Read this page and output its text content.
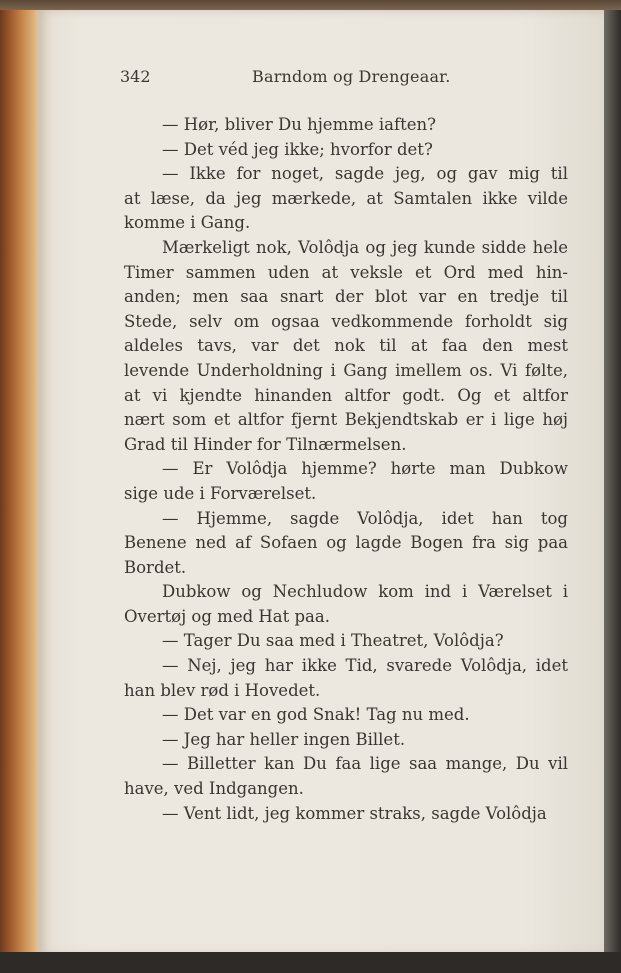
342	Barndom og Drengeaar.
— Hør, bliver Du hjemme iaften?
— Det véd jeg ikke; hvorfor det?
— Ikke for noget, sagde jeg, og gav mig til
at læse, da jeg mærkede, at Samtalen ikke vilde
komme i Gang.
Mærkeligt nok, Volôdja og jeg kunde sidde hele
Timer sammen uden at veksle et Ord med hin-
anden; men saa snart der blot var en tredje til
Stede, selv om ogsaa vedkommende forholdt sig
aldeles tavs, var det nok til at faa den mest
levende Underholdning i Gang imellem os. Vi følte,
at vi kjendte hinanden altfor godt. Og et altfor
nært som et altfor fjernt Bekjendtskab er i lige høj
Grad til Hinder for Tilnærmelsen.
— Er Volôdja hjemme? hørte man Dubkow
sige ude i Forværelset.
— Hjemme, sagde Volôdja, idet han tog
Benene ned af Sofaen og lagde Bogen fra sig paa
Bordet.
Dubkow og Nechludow kom ind i Værelset i
Overtøj og med Hat paa.
— Tager Du saa med i Theatret, Volôdja?
— Nej, jeg har ikke Tid, svarede Volôdja, idet
han blev rød i Hovedet.
— Det var en god Snak! Tag nu med.
— Jeg har heller ingen Billet.
— Billetter kan Du faa lige saa mange, Du vil
have, ved Indgangen.
— Vent lidt, jeg kommer straks, sagde Volôdja
